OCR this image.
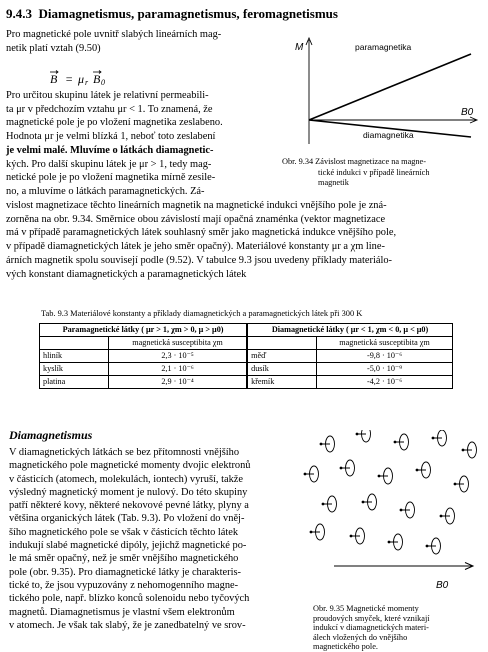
9.4.3 Diamagnetismus, paramagnetismus, feromagnetismus
Pro magnetické pole uvnitř slabých lineárních mag-
netik platí vztah (9.50)
B = μ r B 0
Pro určitou skupinu látek je relativní permeabili-
ta μr v předchozím vztahu μr < 1. To znamená, že
magnetické pole je po vložení magnetika zeslabeno.
Hodnota μr je velmi blízká 1, neboť toto zeslabení
je velmi malé. Mluvíme o látkách diamagnetic-
kých. Pro další skupinu látek je μr > 1, tedy mag-
netické pole je po vložení magnetika mírně zesile-
no, a mluvíme o látkách paramagnetických. Zá-
vislost magnetizace těchto lineárních magnetik na magnetické indukci vnějšího pole je zná-
zorněna na obr. 9.34. Směrnice obou závislostí mají opačná znaménka (vektor magnetizace
má v případě paramagnetických látek souhlasný směr jako magnetická indukce vnějšího pole,
v případě diamagnetických látek je jeho směr opačný). Materiálové konstanty μr a χm line-
árních magnetik spolu souvisejí podle (9.52). V tabulce 9.3 jsou uvedeny příklady materiálo-
vých konstant diamagnetických a paramagnetických látek
M
B0
paramagnetika
diamagnetika
Obr. 9.34 Závislost magnetizace na magne-
tické indukci v případě lineárních
magnetik
Tab. 9.3 Materiálové konstanty a příklady diamagnetických a paramagnetických látek při 300 K
Paramagnetické látky ( μr > 1, χm > 0, μ > μ0)		Diamagnetické látky ( μr < 1, χm < 0, μ < μ0)	
	magnetická susceptibita χm		magnetická susceptibita χm
hliník	2,3 · 10⁻⁵	měď	-9,8 · 10⁻⁶
kyslík	2,1 · 10⁻⁶	dusík	-5,0 · 10⁻⁹
platina	2,9 · 10⁻⁴	křemík	-4,2 · 10⁻⁶
Diamagnetismus
V diamagnetických látkách se bez přítomnosti vnějšího
magnetického pole magnetické momenty dvojic elektronů
v částicích (atomech, molekulách, iontech) vyruší, takže
výsledný magnetický moment je nulový. Do této skupiny
patří některé kovy, některé nekovové pevné látky, plyny a
většina organických látek (Tab. 9.3). Po vložení do vněj-
šího magnetického pole se však v částicích těchto látek
indukují slabé magnetické dipóly, jejichž magnetické po-
le má směr opačný, než je směr vnějšího magnetického
pole (obr. 9.35). Pro diamagnetické látky je charakteris-
tické to, že jsou vypuzovány z nehomogenního magne-
tického pole, např. blízko konců solenoidu nebo tyčových
magnetů. Diamagnetismus je vlastní všem elektronům
v atomech. Je však tak slabý, že je zanedbatelný ve srov-
B0
Obr. 9.35 Magnetické momenty
proudových smyček, které vznikají
indukcí v diamagnetických materi-
álech vložených do vnějšího
magnetického pole.
